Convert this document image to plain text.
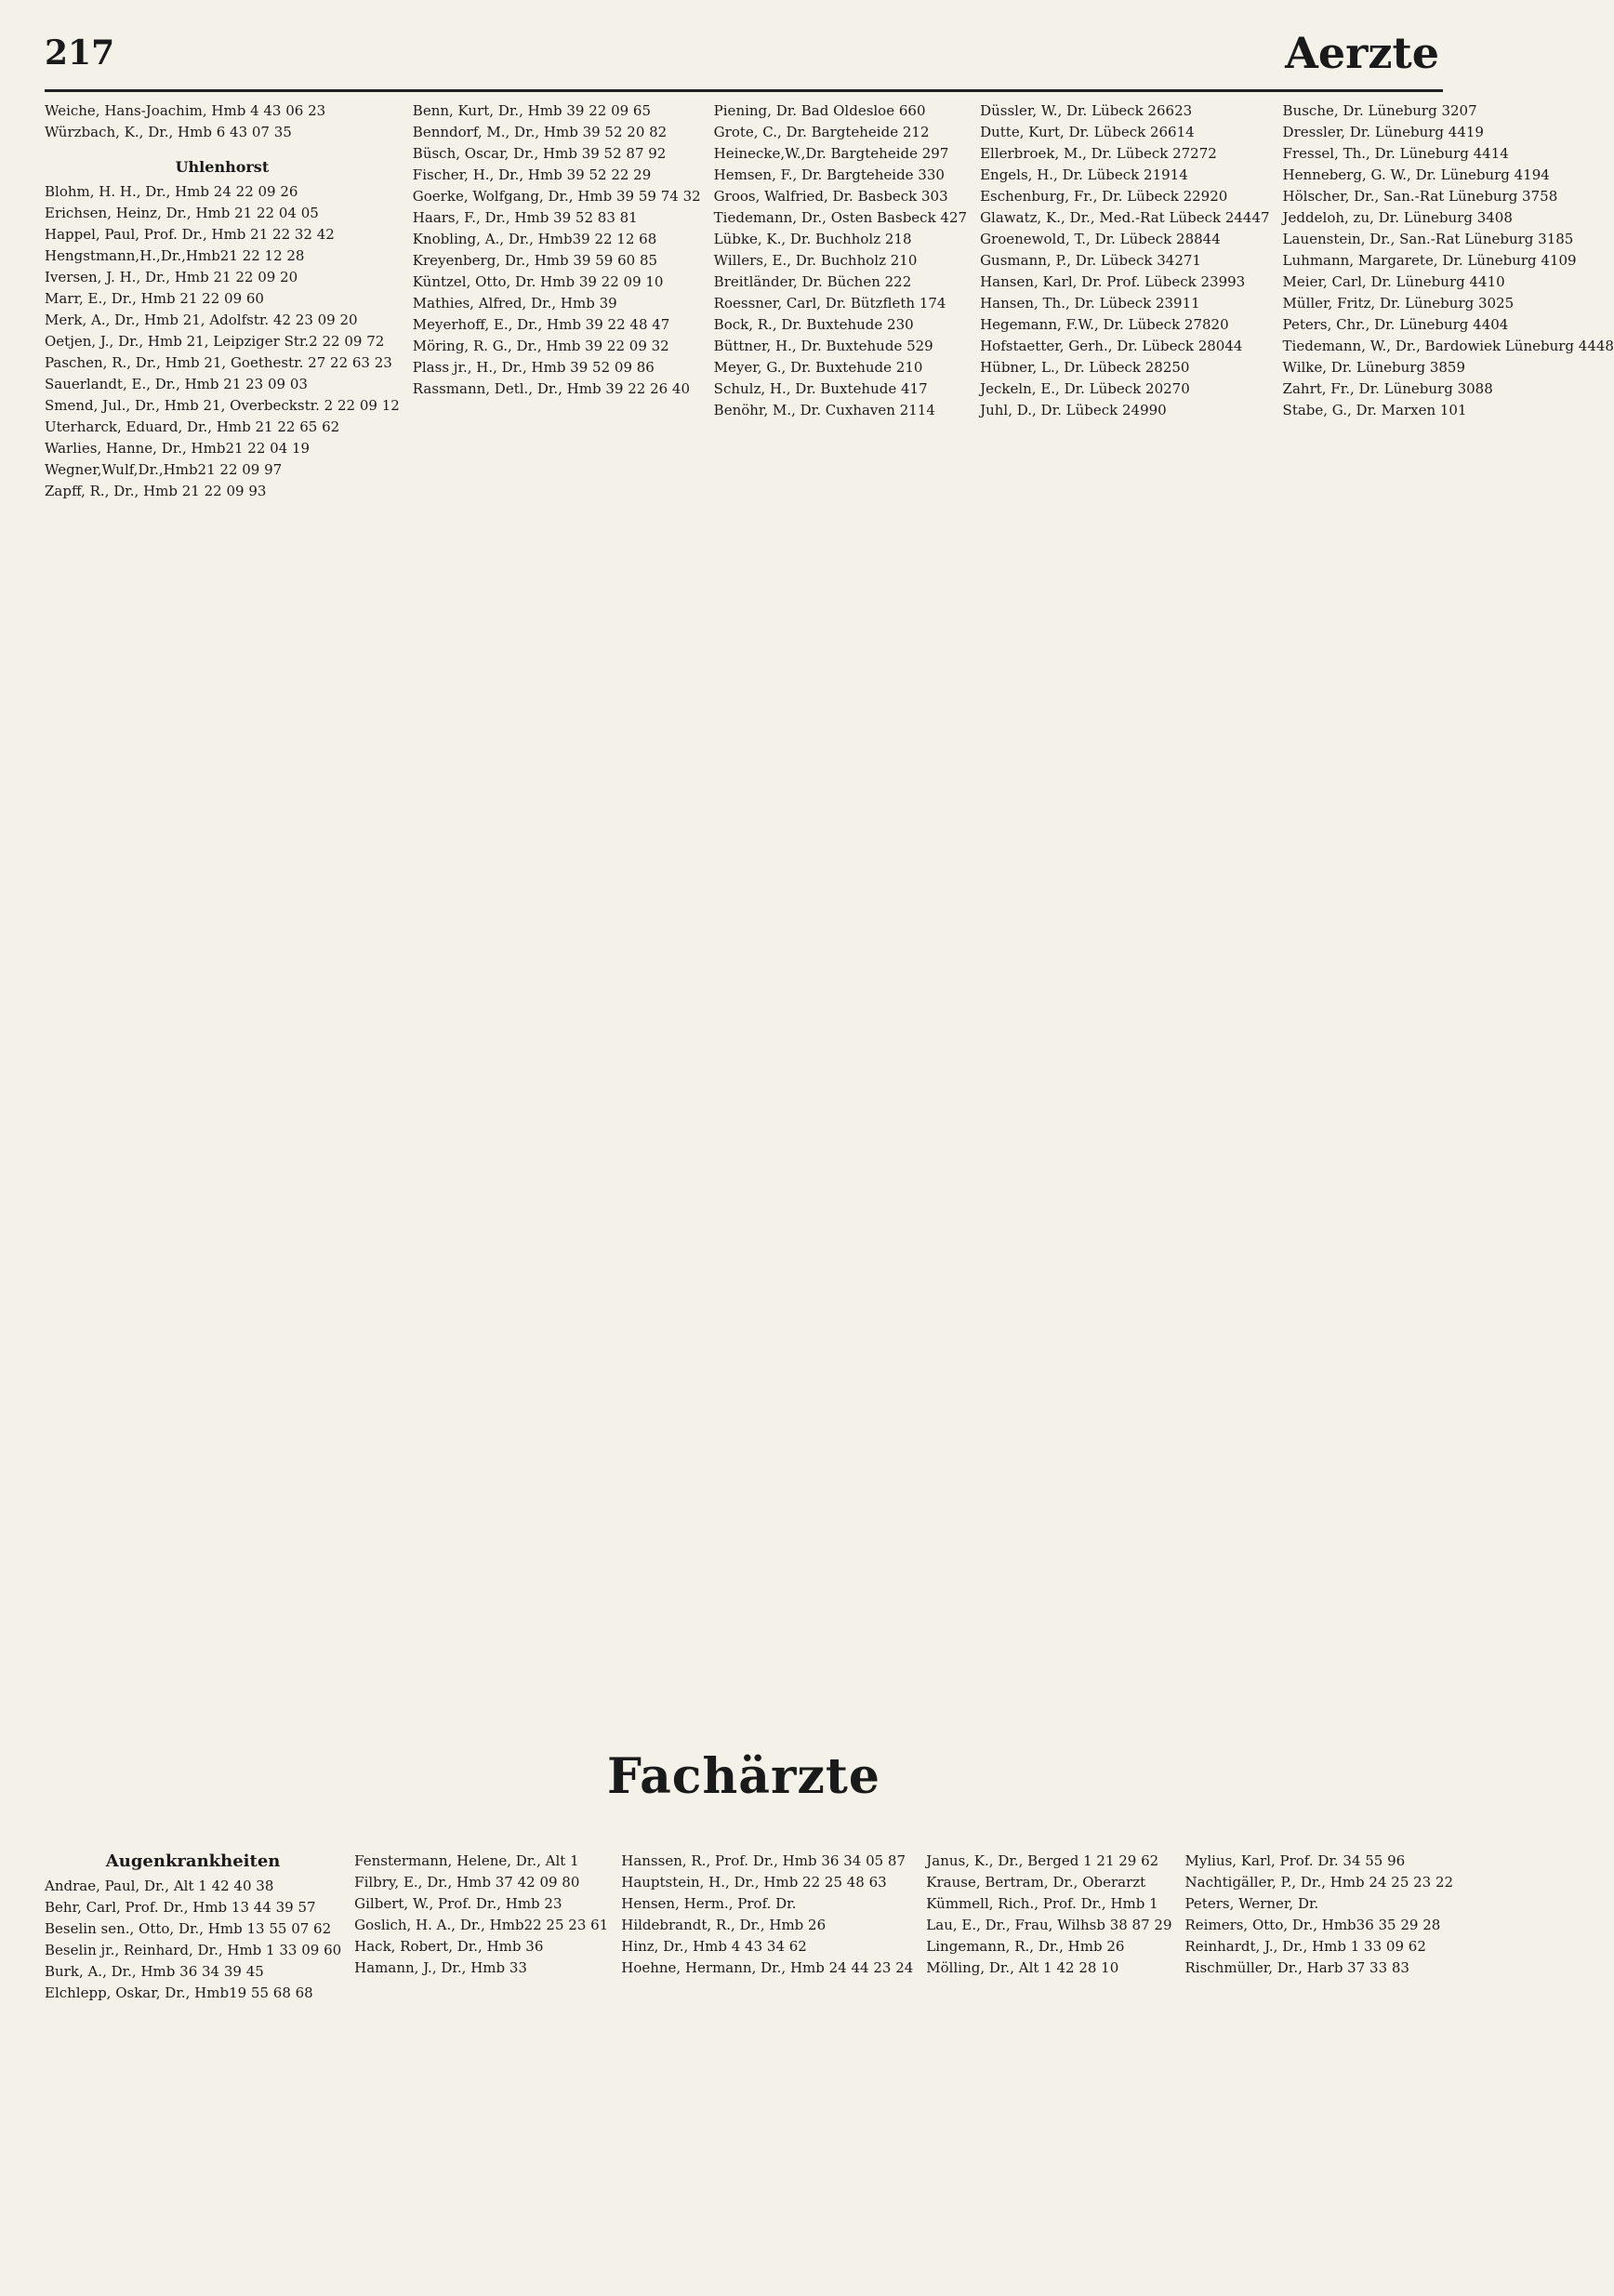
217	Aerzte
Weiche, Hans-Joachim, Hmb 4 43 06 23
Würzbach, K., Dr., Hmb 6 43 07 35
Uhlenhorst
Blohm, H. H., Dr., Hmb 24 22 09 26
Erichsen, Heinz, Dr., Hmb 21 22 04 05
Happel, Paul, Prof. Dr., Hmb 21 22 32 42
Hengstmann,H.,Dr.,Hmb21 22 12 28
Iversen, J. H., Dr., Hmb 21 22 09 20
Marr, E., Dr., Hmb 21 22 09 60
Merk, A., Dr., Hmb 21, Adolfstr. 42 23 09 20
Oetjen, J., Dr., Hmb 21, Leipziger Str.2 22 09 72
Paschen, R., Dr., Hmb 21, Goethestr. 27 22 63 23
Sauerlandt, E., Dr., Hmb 21 23 09 03
Smend, Jul., Dr., Hmb 21, Overbeckstr. 2 22 09 12
Uterharck, Eduard, Dr., Hmb 21 22 65 62
Warlies, Hanne, Dr., Hmb21 22 04 19
Wegner,Wulf,Dr.,Hmb21 22 09 97
Zapff, R., Dr., Hmb 21 22 09 93
Benn, Kurt, Dr., Hmb 39 22 09 65
Benndorf, M., Dr., Hmb 39 52 20 82
Büsch, Oscar, Dr., Hmb 39 52 87 92
Fischer, H., Dr., Hmb 39 52 22 29
Goerke, Wolfgang, Dr., Hmb 39 59 74 32
Haars, F., Dr., Hmb 39 52 83 81
Knobling, A., Dr., Hmb39 22 12 68
Kreyenberg, Dr., Hmb 39 59 60 85
Küntzel, Otto, Dr. Hmb 39 22 09 10
Mathies, Alfred, Dr., Hmb 39
Meyerhoff, E., Dr., Hmb 39 22 48 47
Möring, R. G., Dr., Hmb 39 22 09 32
Plass jr., H., Dr., Hmb 39 52 09 86
Rassmann, Detl., Dr., Hmb 39 22 26 40
Piening, Dr. Bad Oldesloe 660
Grote, C., Dr. Bargteheide 212
Heinecke,W.,Dr. Bargteheide 297
Hemsen, F., Dr. Bargteheide 330
Groos, Walfried, Dr. Basbeck 303
Tiedemann, Dr., Osten Basbeck 427
Lübke, K., Dr. Buchholz 218
Willers, E., Dr. Buchholz 210
Breitländer, Dr. Büchen 222
Roessner, Carl, Dr. Bützfleth 174
Bock, R., Dr. Buxtehude 230
Büttner, H., Dr. Buxtehude 529
Meyer, G., Dr. Buxtehude 210
Schulz, H., Dr. Buxtehude 417
Benöhr, M., Dr. Cuxhaven 2114
Düssler, W., Dr. Lübeck 26623
Dutte, Kurt, Dr. Lübeck 26614
Ellerbroek, M., Dr. Lübeck 27272
Engels, H., Dr. Lübeck 21914
Eschenburg, Fr., Dr. Lübeck 22920
Glawatz, K., Dr., Med.-Rat Lübeck 24447
Groenewold, T., Dr. Lübeck 28844
Gusmann, P., Dr. Lübeck 34271
Hansen, Karl, Dr. Prof. Lübeck 23993
Hansen, Th., Dr. Lübeck 23911
Hegemann, F.W., Dr. Lübeck 27820
Hofstaetter, Gerh., Dr. Lübeck 28044
Hübner, L., Dr. Lübeck 28250
Jeckeln, E., Dr. Lübeck 20270
Juhl, D., Dr. Lübeck 24990
Busche, Dr. Lüneburg 3207
Dressler, Dr. Lüneburg 4419
Fressel, Th., Dr. Lüneburg 4414
Henneberg, G. W., Dr. Lüneburg 4194
Hölscher, Dr., San.-Rat Lüneburg 3758
Jeddeloh, zu, Dr. Lüneburg 3408
Lauenstein, Dr., San.-Rat Lüneburg 3185
Luhmann, Margarete, Dr. Lüneburg 4109
Meier, Carl, Dr. Lüneburg 4410
Müller, Fritz, Dr. Lüneburg 3025
Peters, Chr., Dr. Lüneburg 4404
Tiedemann, W., Dr., Bardowiek Lüneburg 4448
Wilke, Dr. Lüneburg 3859
Zahrt, Fr., Dr. Lüneburg 3088
Stabe, G., Dr. Marxen 101
Fachärzte
Augenkrankheiten
Andrae, Paul, Dr., Alt 1 42 40 38
Behr, Carl, Prof. Dr., Hmb 13 44 39 57
Beselin sen., Otto, Dr., Hmb 13 55 07 62
Beselin jr., Reinhard, Dr., Hmb 1 33 09 60
Burk, A., Dr., Hmb 36 34 39 45
Elchlepp, Oskar, Dr., Hmb19 55 68 68
Fenstermann, Helene, Dr., Alt 1
Filbry, E., Dr., Hmb 37 42 09 80
Gilbert, W., Prof. Dr., Hmb 23
Goslich, H. A., Dr., Hmb22 25 23 61
Hack, Robert, Dr., Hmb 36
Hamann, J., Dr., Hmb 33
Hanssen, R., Prof. Dr., Hmb 36 34 05 87
Hauptstein, H., Dr., Hmb 22 25 48 63
Hensen, Herm., Prof. Dr.
Hildebrandt, R., Dr., Hmb 26
Hinz, Dr., Hmb 4 43 34 62
Hoehne, Hermann, Dr., Hmb 24 44 23 24
Janus, K., Dr., Berged 1 21 29 62
Krause, Bertram, Dr., Oberarzt
Kümmell, Rich., Prof. Dr., Hmb 1
Lau, E., Dr., Frau, Wilhsb 38 87 29
Lingemann, R., Dr., Hmb 26
Mölling, Dr., Alt 1 42 28 10
Mylius, Karl, Prof. Dr. 34 55 96
Nachtigäller, P., Dr., Hmb 24 25 23 22
Peters, Werner, Dr.
Reimers, Otto, Dr., Hmb36 35 29 28
Reinhardt, J., Dr., Hmb 1 33 09 62
Rischmüller, Dr., Harb 37 33 83
